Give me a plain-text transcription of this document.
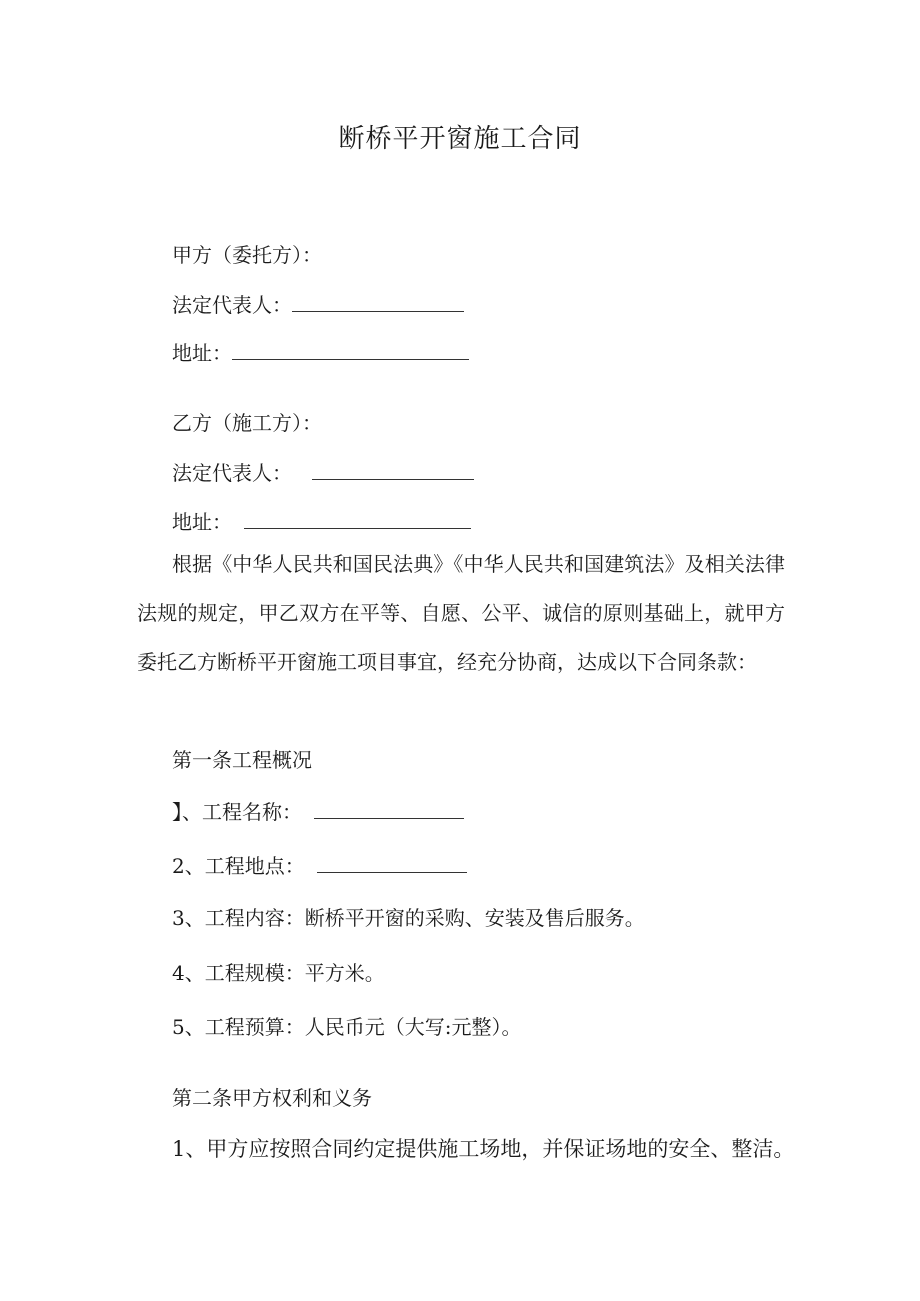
断桥平开窗施工合同
甲方（委托方）：
法定代表人：
地址：
乙方（施工方）：
法定代表人：
地址：
根据《中华人民共和国民法典》《中华人民共和国建筑法》及相关法律法规的规定，甲乙双方在平等、自愿、公平、诚信的原则基础上，就甲方委托乙方断桥平开窗施工项目事宜，经充分协商，达成以下合同条款：
第一条工程概况
】、工程名称：
2、工程地点：
3、工程内容：断桥平开窗的采购、安装及售后服务。
4、工程规模：平方米。
5、工程预算：人民币元（大写:元整）。
第二条甲方权利和义务
1、甲方应按照合同约定提供施工场地，并保证场地的安全、整洁。
